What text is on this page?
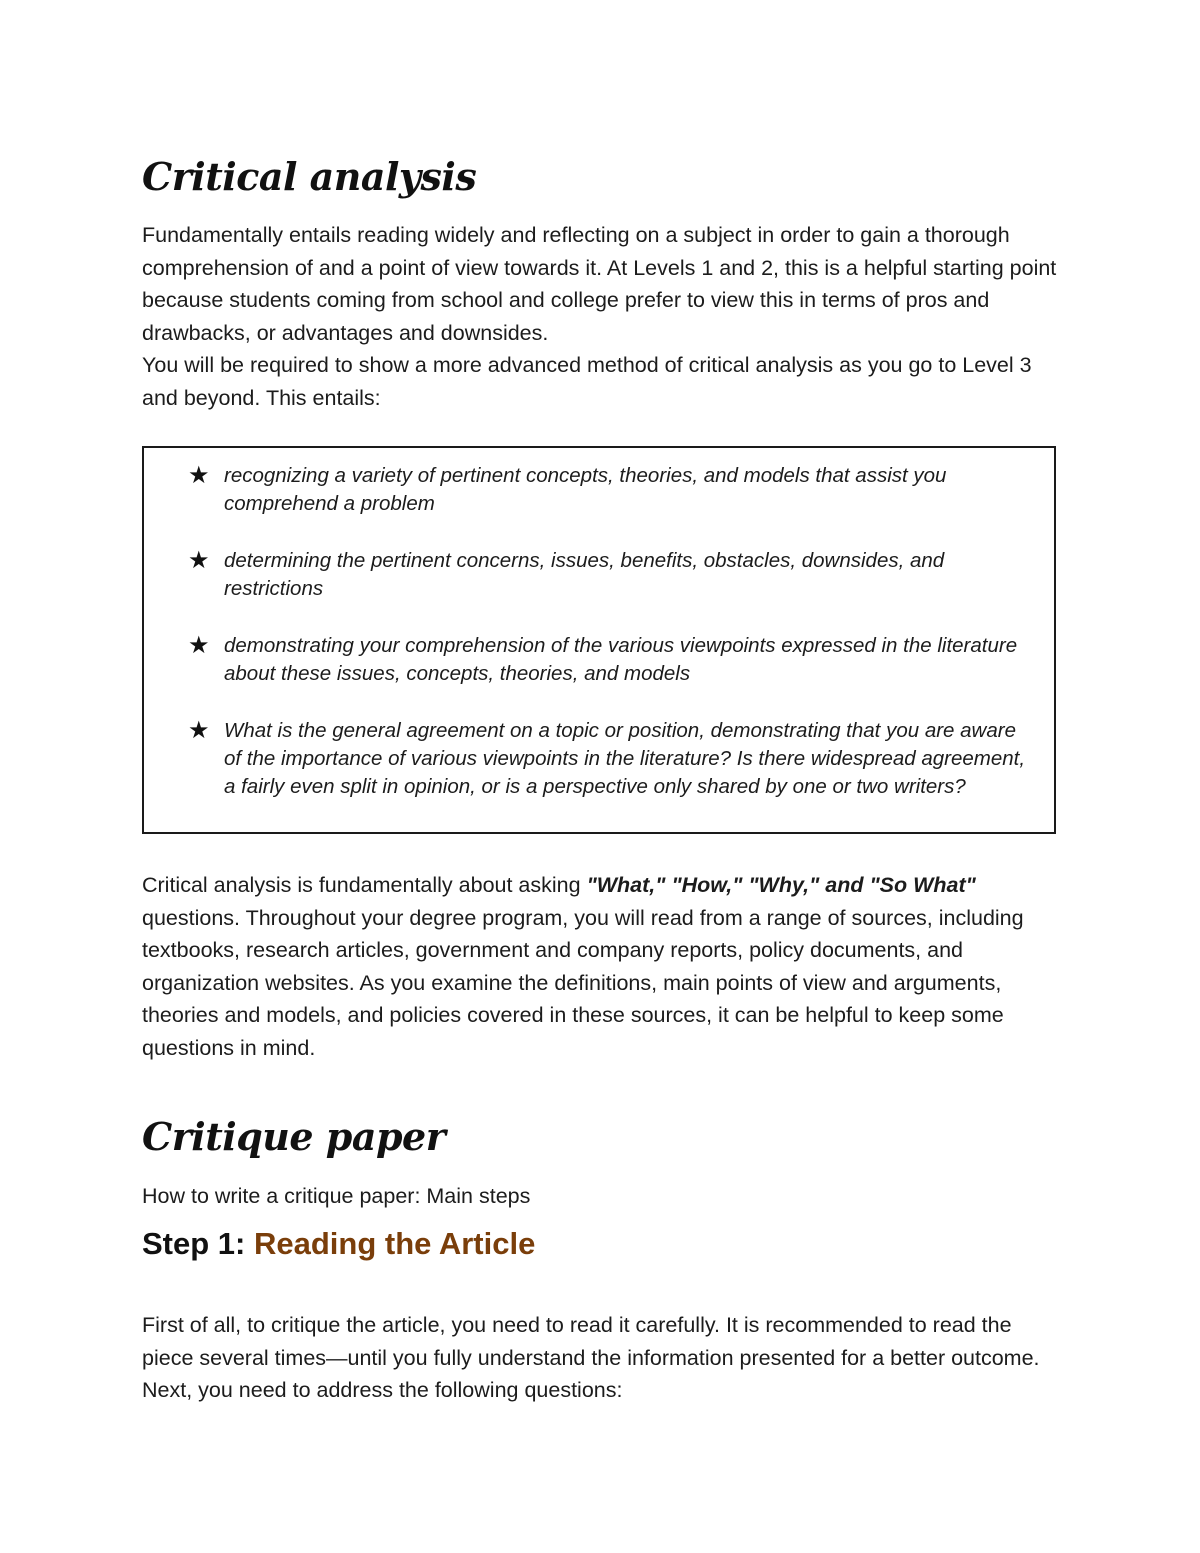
Critical analysis

Fundamentally entails reading widely and reflecting on a subject in order to gain a thorough comprehension of and a point of view towards it. At Levels 1 and 2, this is a helpful starting point because students coming from school and college prefer to view this in terms of pros and drawbacks, or advantages and downsides.

You will be required to show a more advanced method of critical analysis as you go to Level 3 and beyond. This entails:

★ recognizing a variety of pertinent concepts, theories, and models that assist you comprehend a problem
★ determining the pertinent concerns, issues, benefits, obstacles, downsides, and restrictions
★ demonstrating your comprehension of the various viewpoints expressed in the literature about these issues, concepts, theories, and models
★ What is the general agreement on a topic or position, demonstrating that you are aware of the importance of various viewpoints in the literature? Is there widespread agreement, a fairly even split in opinion, or is a perspective only shared by one or two writers?

Critical analysis is fundamentally about asking "What," "How," "Why," and "So What" questions. Throughout your degree program, you will read from a range of sources, including textbooks, research articles, government and company reports, policy documents, and organization websites. As you examine the definitions, main points of view and arguments, theories and models, and policies covered in these sources, it can be helpful to keep some questions in mind.

Critique paper

How to write a critique paper: Main steps

Step 1: Reading the Article

First of all, to critique the article, you need to read it carefully. It is recommended to read the piece several times—until you fully understand the information presented for a better outcome. Next, you need to address the following questions:
